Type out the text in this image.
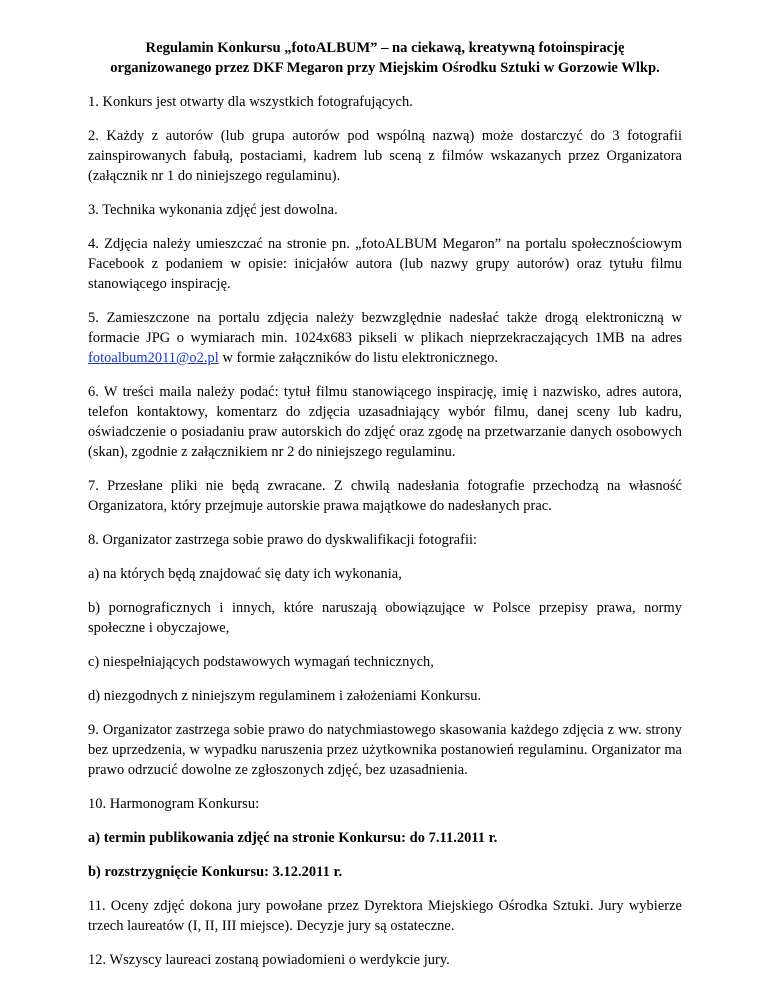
Regulamin Konkursu „fotoALBUM” – na ciekawą, kreatywną fotoinspirację
organizowanego przez DKF Megaron przy Miejskim Ośrodku Sztuki w Gorzowie Wlkp.

1. Konkurs jest otwarty dla wszystkich fotografujących.

2. Każdy z autorów (lub grupa autorów pod wspólną nazwą) może dostarczyć do 3 fotografii zainspirowanych fabułą, postaciami, kadrem lub sceną z filmów wskazanych przez Organizatora (załącznik nr 1 do niniejszego regulaminu).

3. Technika wykonania zdjęć jest dowolna.

4. Zdjęcia należy umieszczać na stronie pn. „fotoALBUM Megaron” na portalu społecznościowym Facebook z podaniem w opisie: inicjałów autora (lub nazwy grupy autorów) oraz tytułu filmu stanowiącego inspirację.

5. Zamieszczone na portalu zdjęcia należy bezwzględnie nadesłać także drogą elektroniczną w formacie JPG o wymiarach min. 1024x683 pikseli w plikach nieprzekraczających 1MB na adres fotoalbum2011@o2.pl w formie załączników do listu elektronicznego.

6. W treści maila należy podać: tytuł filmu stanowiącego inspirację, imię i nazwisko, adres autora, telefon kontaktowy, komentarz do zdjęcia uzasadniający wybór filmu, danej sceny lub kadru, oświadczenie o posiadaniu praw autorskich do zdjęć oraz zgodę na przetwarzanie danych osobowych (skan), zgodnie z załącznikiem nr 2 do niniejszego regulaminu.

7. Przesłane pliki nie będą zwracane. Z chwilą nadesłania fotografie przechodzą na własność Organizatora, który przejmuje autorskie prawa majątkowe do nadesłanych prac.

8. Organizator zastrzega sobie prawo do dyskwalifikacji fotografii:

a) na których będą znajdować się daty ich wykonania,

b) pornograficznych i innych, które naruszają obowiązujące w Polsce przepisy prawa, normy społeczne i obyczajowe,

c) niespełniających podstawowych wymagań technicznych,

d) niezgodnych z niniejszym regulaminem i założeniami Konkursu.

9. Organizator zastrzega sobie prawo do natychmiastowego skasowania każdego zdjęcia z ww. strony bez uprzedzenia, w wypadku naruszenia przez użytkownika postanowień regulaminu. Organizator ma prawo odrzucić dowolne ze zgłoszonych zdjęć, bez uzasadnienia.

10. Harmonogram Konkursu:

a) termin publikowania zdjęć na stronie Konkursu: do 7.11.2011 r.

b) rozstrzygnięcie Konkursu: 3.12.2011 r.

11. Oceny zdjęć dokona jury powołane przez Dyrektora Miejskiego Ośrodka Sztuki. Jury wybierze trzech laureatów (I, II, III miejsce). Decyzje jury są ostateczne.

12. Wszyscy laureaci zostaną powiadomieni o werdykcie jury.
